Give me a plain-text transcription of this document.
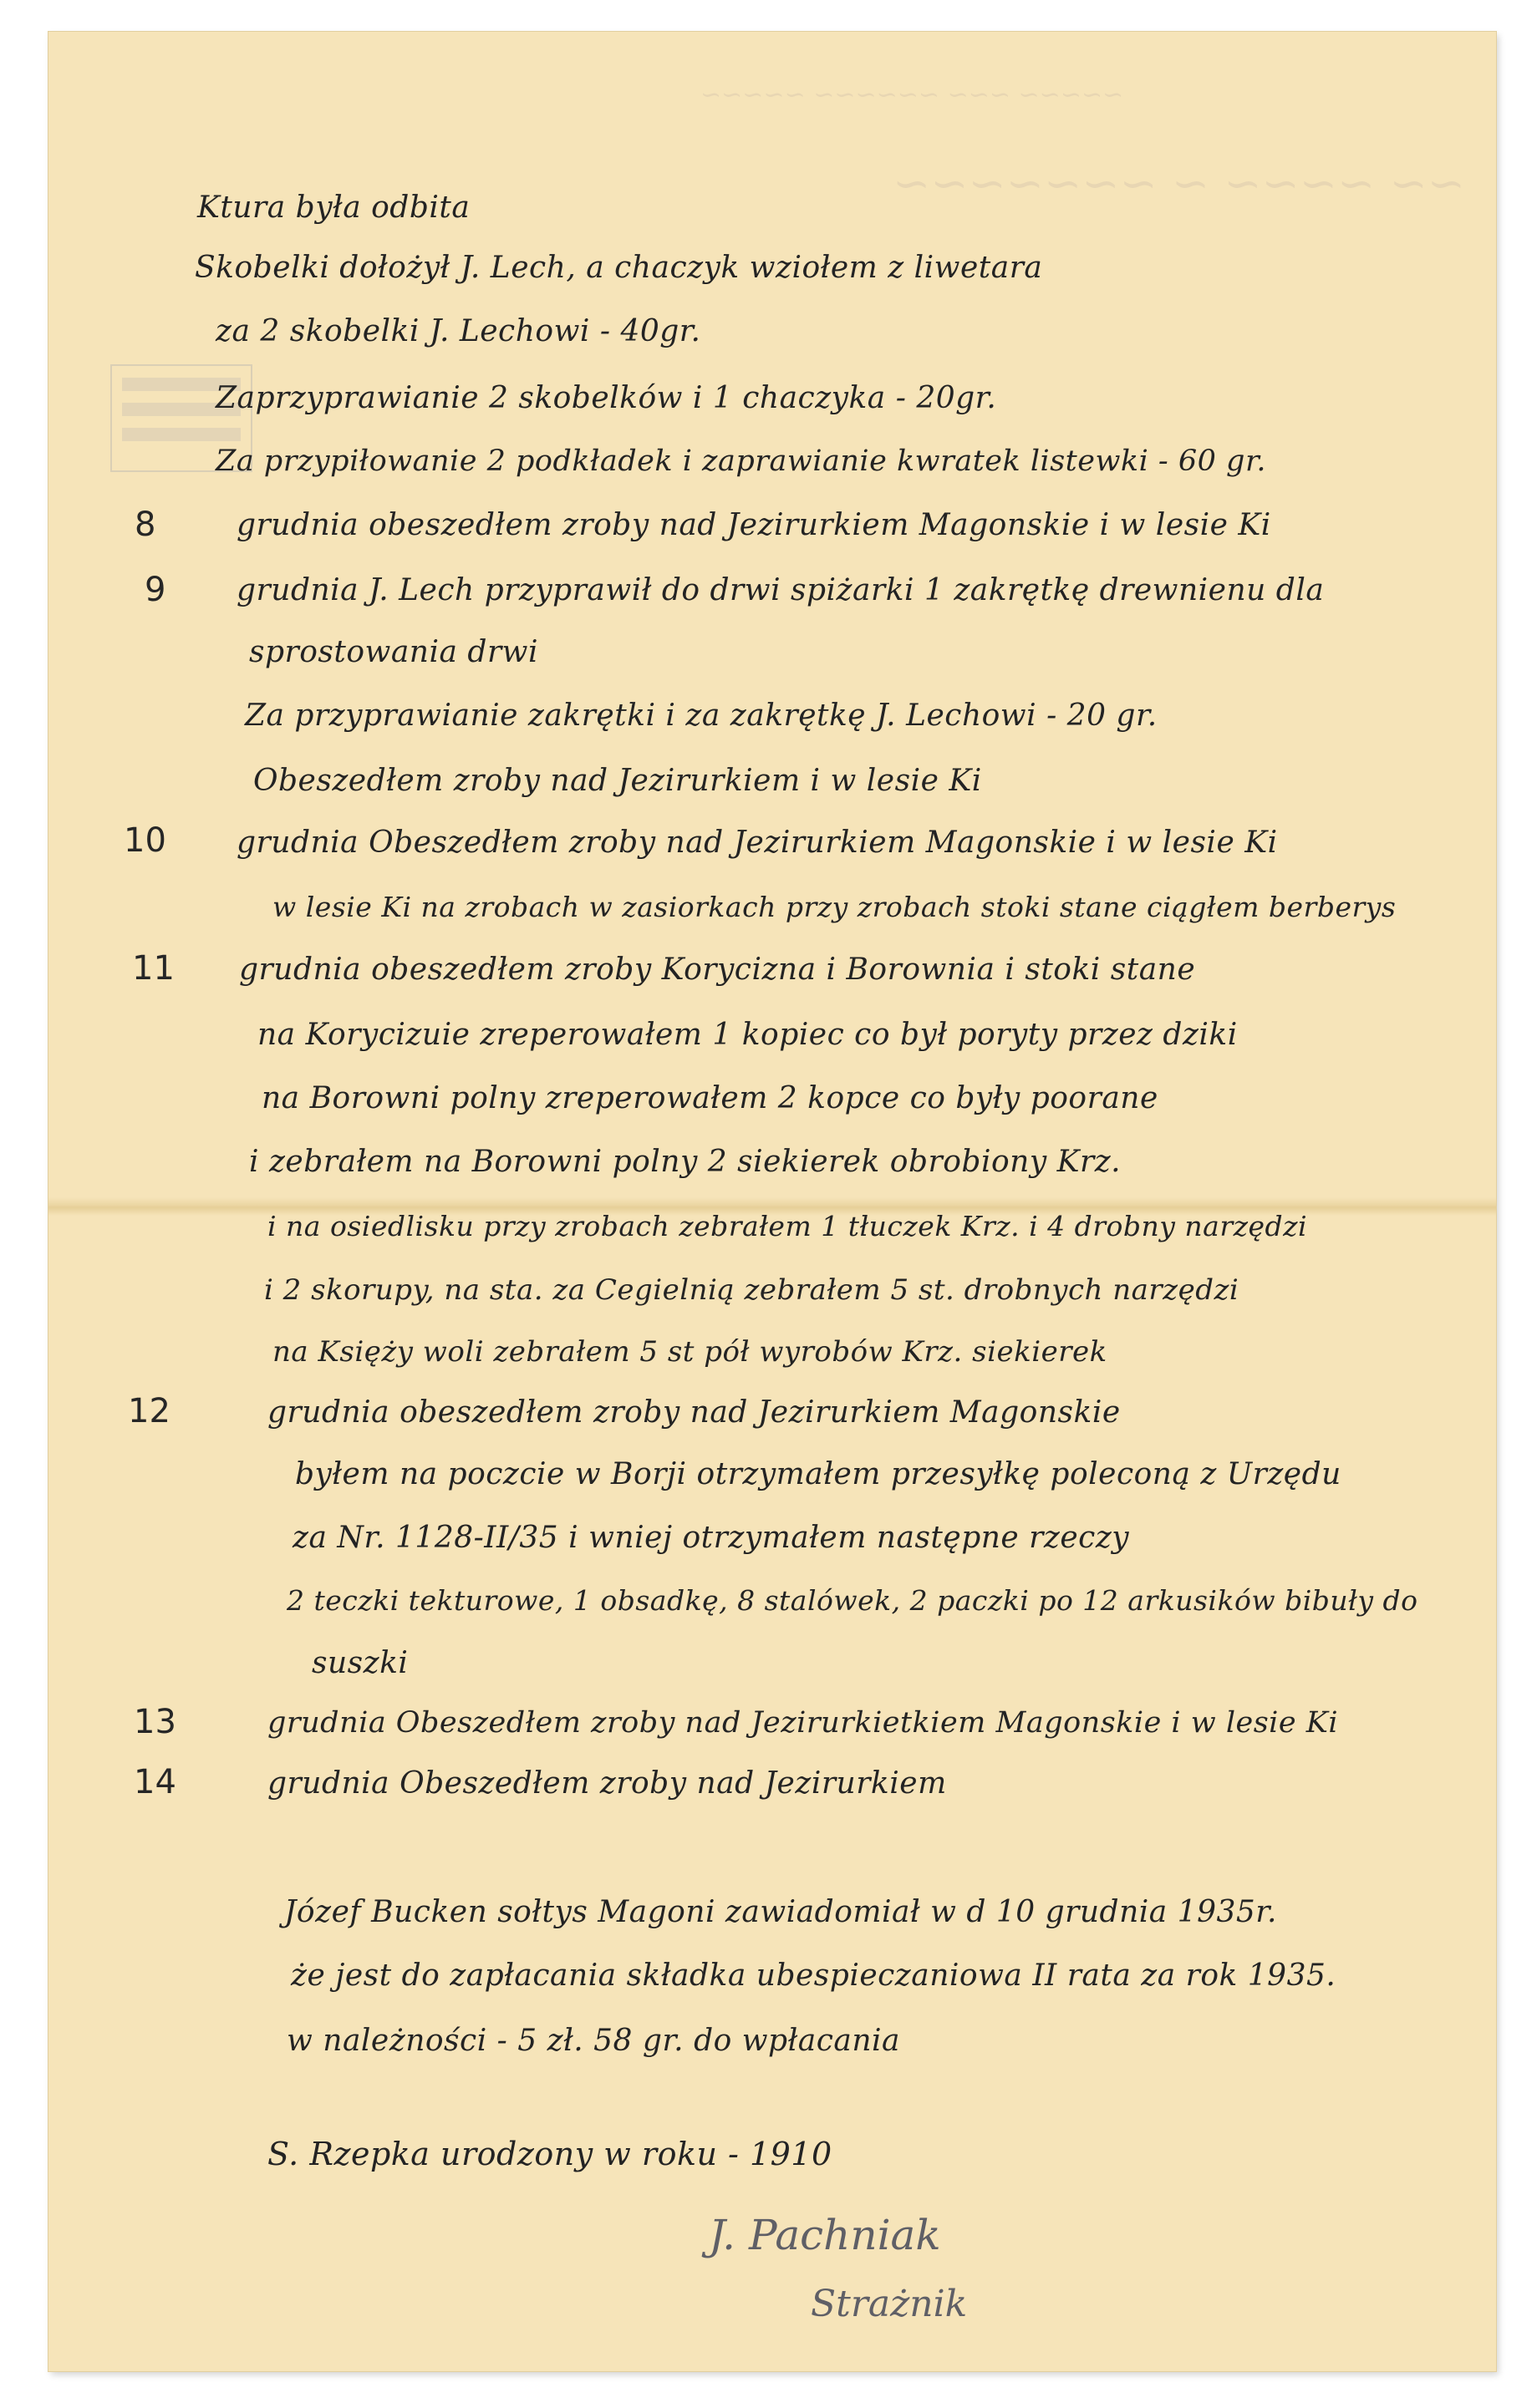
~~~~~ ~~~ ~~~~~~ ~~~~~
~~ ~~~~ ~ ~~~~~~~
Ktura była odbita
Skobelki dołożył J. Lech, a chaczyk wziołem z liwetara
za 2 skobelki J. Lechowi - 40gr.
Zaprzyprawianie 2 skobelków i 1 chaczyka - 20gr.
Za przypiłowanie 2 podkładek i zaprawianie kwratek listewki - 60 gr.
8	grudnia obeszedłem zroby nad Jezirurkiem Magonskie i w lesie Ki
9 grudnia J. Lech przyprawił do drwi spiżarki 1 zakrętkę drewnienu dla
sprostowania drwi
Za przyprawianie zakrętki i za zakrętkę J. Lechowi - 20 gr.
Obeszedłem zroby nad Jezirurkiem i w lesie Ki
10 grudnia Obeszedłem zroby nad Jezirurkiem Magonskie i w lesie Ki
w lesie Ki na zrobach w zasiorkach przy zrobach stoki stane ciągłem berberys
11 grudnia obeszedłem zroby Korycizna i Borownia i stoki stane
na Korycizuie zreperowałem 1 kopiec co był poryty przez dziki
na Borowni polny zreperowałem 2 kopce co były poorane
i zebrałem na Borowni polny 2 siekierek obrobiony Krz.
i na osiedlisku przy zrobach zebrałem 1 tłuczek Krz. i 4 drobny narzędzi
i 2 skorupy, na sta. za Cegielnią zebrałem 5 st. drobnych narzędzi
na Księży woli zebrałem 5 st pół wyrobów Krz. siekierek
12	grudnia obeszedłem zroby nad Jezirurkiem Magonskie
byłem na poczcie w Borji otrzymałem przesyłkę poleconą z Urzędu
za Nr. 1128-II/35 i wniej otrzymałem następne rzeczy
2 teczki tekturowe, 1 obsadkę, 8 stalówek, 2 paczki po 12 arkusików bibuły do
suszki
13	grudnia Obeszedłem zroby nad Jezirurkietkiem Magonskie i w lesie Ki
14	grudnia Obeszedłem zroby nad Jezirurkiem
Józef Bucken sołtys Magoni zawiadomiał w d 10 grudnia 1935r.
że jest do zapłacania składka ubespieczaniowa II rata za rok 1935.
w należności - 5 zł. 58 gr. do wpłacania
S. Rzepka urodzony w roku - 1910
J. Pachniak
Strażnik
